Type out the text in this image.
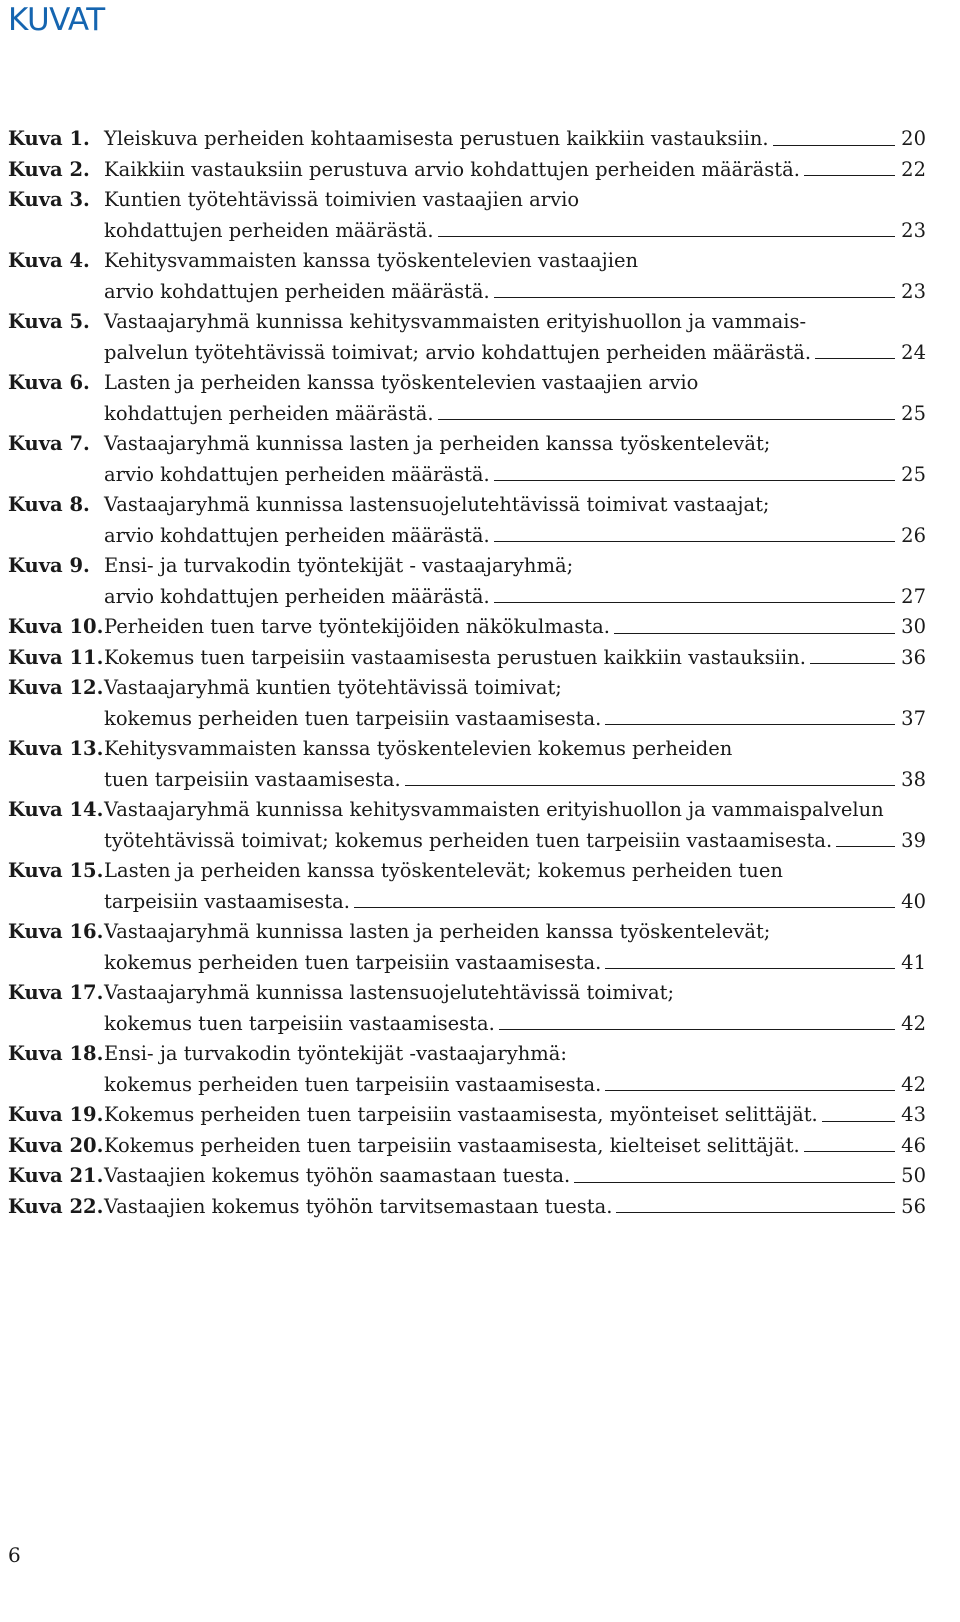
KUVAT
Kuva 1. Yleiskuva perheiden kohtaamisesta perustuen kaikkiin vastauksiin.	20
Kuva 2. Kaikkiin vastauksiin perustuva arvio kohdattujen perheiden määrästä.	22
Kuva 3. Kuntien työtehtävissä toimivien vastaajien arvio
kohdattujen perheiden määrästä.	23
Kuva 4. Kehitysvammaisten kanssa työskentelevien vastaajien
arvio kohdattujen perheiden määrästä.	23
Kuva 5. Vastaajaryhmä kunnissa kehitysvammaisten erityishuollon ja vammais-
palvelun työtehtävissä toimivat; arvio kohdattujen perheiden määrästä.	24
Kuva 6. Lasten ja perheiden kanssa työskentelevien vastaajien arvio
kohdattujen perheiden määrästä.	25
Kuva 7. Vastaajaryhmä kunnissa lasten ja perheiden kanssa työskentelevät;
arvio kohdattujen perheiden määrästä.	25
Kuva 8. Vastaajaryhmä kunnissa lastensuojelutehtävissä toimivat vastaajat;
arvio kohdattujen perheiden määrästä.	26
Kuva 9. Ensi- ja turvakodin työntekijät - vastaajaryhmä;
arvio kohdattujen perheiden määrästä.	27
Kuva 10. Perheiden tuen tarve työntekijöiden näkökulmasta.	30
Kuva 11. Kokemus tuen tarpeisiin vastaamisesta perustuen kaikkiin vastauksiin.	36
Kuva 12. Vastaajaryhmä kuntien työtehtävissä toimivat;
kokemus perheiden tuen tarpeisiin vastaamisesta.	37
Kuva 13. Kehitysvammaisten kanssa työskentelevien kokemus perheiden
tuen tarpeisiin vastaamisesta.	38
Kuva 14. Vastaajaryhmä kunnissa kehitysvammaisten erityishuollon ja vammaispalvelun
työtehtävissä toimivat; kokemus perheiden tuen tarpeisiin vastaamisesta.	39
Kuva 15. Lasten ja perheiden kanssa työskentelevät; kokemus perheiden tuen
tarpeisiin vastaamisesta.	40
Kuva 16. Vastaajaryhmä kunnissa lasten ja perheiden kanssa työskentelevät;
kokemus perheiden tuen tarpeisiin vastaamisesta.	41
Kuva 17. Vastaajaryhmä kunnissa lastensuojelutehtävissä toimivat;
kokemus tuen tarpeisiin vastaamisesta.	42
Kuva 18. Ensi- ja turvakodin työntekijät -vastaajaryhmä:
kokemus perheiden tuen tarpeisiin vastaamisesta.	42
Kuva 19. Kokemus perheiden tuen tarpeisiin vastaamisesta, myönteiset selittäjät.	43
Kuva 20. Kokemus perheiden tuen tarpeisiin vastaamisesta, kielteiset selittäjät.	46
Kuva 21. Vastaajien kokemus työhön saamastaan tuesta.	50
Kuva 22. Vastaajien kokemus työhön tarvitsemastaan tuesta.	56
6
